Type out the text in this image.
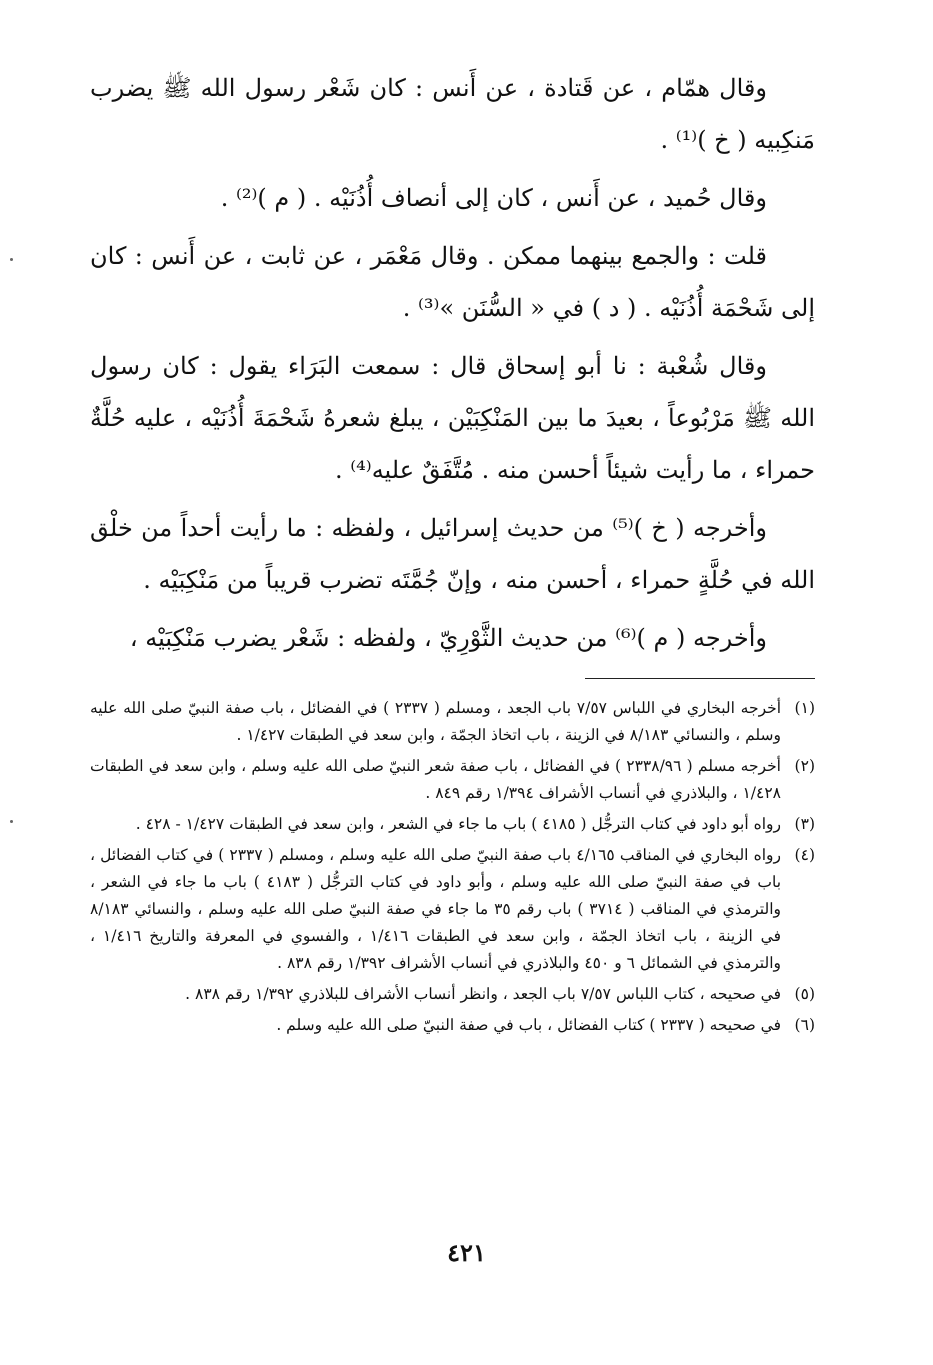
وقال همّام ، عن قَتادة ، عن أَنس : كان شَعْر رسول الله ﷺ يضرب مَنكِبيه ( خ )⁽¹⁾ .

وقال حُميد ، عن أَنس ، كان إلى أنصاف أُذُنَيْه . ( م )⁽²⁾ .

قلت : والجمع بينهما ممكن . وقال مَعْمَر ، عن ثابت ، عن أَنس : كان إلى شَحْمَة أُذُنَيْه . ( د ) في « السُّنَن »⁽³⁾ .

وقال شُعْبة : نا أبو إسحاق قال : سمعت البَرَاء يقول : كان رسول الله ﷺ مَرْبُوعاً ، بعيدَ ما بين المَنْكِبَيْن ، يبلغ شعرهُ شَحْمَةَ أُذُنَيْه ، عليه حُلَّةٌ حمراء ، ما رأيت شيئاً أحسن منه . مُتَّفَقٌ عليه⁽⁴⁾ .

وأخرجه ( خ )⁽⁵⁾ من حديث إسرائيل ، ولفظه : ما رأيت أحداً من خلْق الله في حُلَّةٍ حمراء ، أحسن منه ، وإنّ جُمَّتَه تضرب قريباً من مَنْكِبَيْه .

وأخرجه ( م )⁽⁶⁾ من حديث الثَّوْرِيّ ، ولفظه : شَعْر يضرب مَنْكِبَيْه ،

(١)
أخرجه البخاري في اللباس ٧/٥٧ باب الجعد ، ومسلم ( ٢٣٣٧ ) في الفضائل ، باب صفة النبيّ صلى الله عليه وسلم ، والنسائي ٨/١٨٣ في الزينة ، باب اتخاذ الجمّة ، وابن سعد في الطبقات ١/٤٢٧ .
(٢)
أخرجه مسلم ( ٢٣٣٨/٩٦ ) في الفضائل ، باب صفة شعر النبيّ صلى الله عليه وسلم ، وابن سعد في الطبقات ١/٤٢٨ ، والبلاذري في أنساب الأشراف ١/٣٩٤ رقم ٨٤٩ .
(٣)
رواه أبو داود في كتاب الترجُّل ( ٤١٨٥ ) باب ما جاء في الشعر ، وابن سعد في الطبقات ١/٤٢٧ - ٤٢٨ .
(٤)
رواه البخاري في المناقب ٤/١٦٥ باب صفة النبيّ صلى الله عليه وسلم ، ومسلم ( ٢٣٣٧ ) في كتاب الفضائل ، باب في صفة النبيّ صلى الله عليه وسلم ، وأبو داود في كتاب الترجُّل ( ٤١٨٣ ) باب ما جاء في الشعر ، والترمذي في المناقب ( ٣٧١٤ ) باب رقم ٣٥ ما جاء في صفة النبيّ صلى الله عليه وسلم ، والنسائي ٨/١٨٣ في الزينة ، باب اتخاذ الجمّة ، وابن سعد في الطبقات ١/٤١٦ ، والفسوي في المعرفة والتاريخ ١/٤١٦ ، والترمذي في الشمائل ٦ و ٤٥٠ والبلاذري في أنساب الأشراف ١/٣٩٢ رقم ٨٣٨ .
(٥)
في صحيحه ، كتاب اللباس ٧/٥٧ باب الجعد ، وانظر أنساب الأشراف للبلاذري ١/٣٩٢ رقم ٨٣٨ .
(٦)
في صحيحه ( ٢٣٣٧ ) كتاب الفضائل ، باب في صفة النبيّ صلى الله عليه وسلم .
٤٢١
